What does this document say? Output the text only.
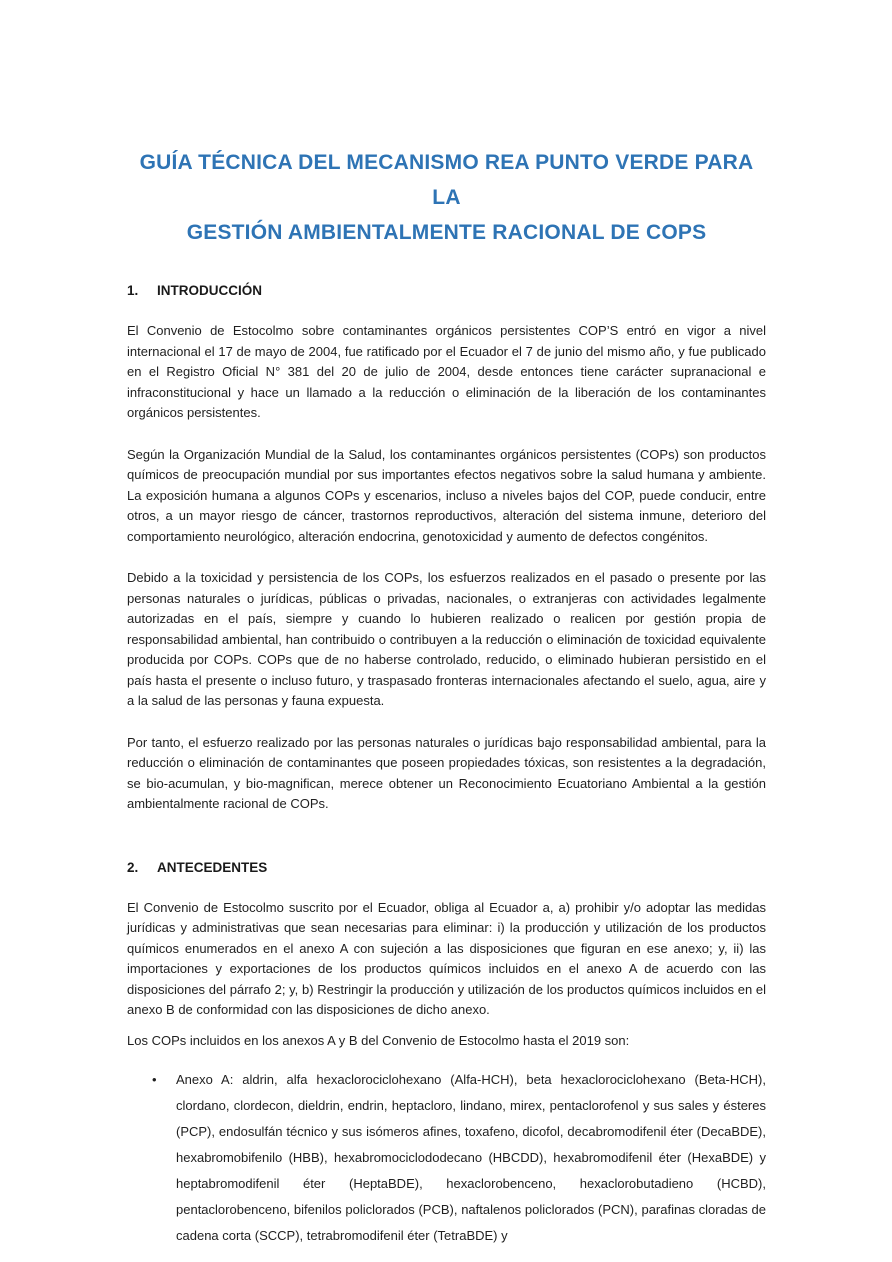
GUÍA TÉCNICA DEL MECANISMO REA PUNTO VERDE PARA LA
GESTIÓN AMBIENTALMENTE RACIONAL DE COPS
1.	INTRODUCCIÓN

El Convenio de Estocolmo sobre contaminantes orgánicos persistentes COP’S entró en vigor a nivel internacional el 17 de mayo de 2004, fue ratificado por el Ecuador el 7 de junio del mismo año, y fue publicado en el Registro Oficial N° 381 del 20 de julio de 2004, desde entonces tiene carácter supranacional e infraconstitucional y hace un llamado a la reducción o eliminación de la liberación de los contaminantes orgánicos persistentes.

Según la Organización Mundial de la Salud, los contaminantes orgánicos persistentes (COPs) son productos químicos de preocupación mundial por sus importantes efectos negativos sobre la salud humana y ambiente. La exposición humana a algunos COPs y escenarios, incluso a niveles bajos del COP, puede conducir, entre otros, a un mayor riesgo de cáncer, trastornos reproductivos, alteración del sistema inmune, deterioro del comportamiento neurológico, alteración endocrina, genotoxicidad y aumento de defectos congénitos.

Debido a la toxicidad y persistencia de los COPs, los esfuerzos realizados en el pasado o presente por las personas naturales o jurídicas, públicas o privadas, nacionales, o extranjeras con actividades legalmente autorizadas en el país, siempre y cuando lo hubieren realizado o realicen por gestión propia de responsabilidad ambiental, han contribuido o contribuyen a la reducción o eliminación de toxicidad equivalente producida por COPs. COPs que de no haberse controlado, reducido, o eliminado hubieran persistido en el país hasta el presente o incluso futuro, y traspasado fronteras internacionales afectando el suelo, agua, aire y a la salud de las personas y fauna expuesta.

Por tanto, el esfuerzo realizado por las personas naturales o jurídicas bajo responsabilidad ambiental, para la reducción o eliminación de contaminantes que poseen propiedades tóxicas, son resistentes a la degradación, se bio-acumulan, y bio-magnifican, merece obtener un Reconocimiento Ecuatoriano Ambiental a la gestión ambientalmente racional de COPs.

2.	ANTECEDENTES

El Convenio de Estocolmo suscrito por el Ecuador, obliga al Ecuador a, a) prohibir y/o adoptar las medidas jurídicas y administrativas que sean necesarias para eliminar: i) la producción y utilización de los productos químicos enumerados en el anexo A con sujeción a las disposiciones que figuran en ese anexo; y, ii) las importaciones y exportaciones de los productos químicos incluidos en el anexo A de acuerdo con las disposiciones del párrafo 2; y, b) Restringir la producción y utilización de los productos químicos incluidos en el anexo B de conformidad con las disposiciones de dicho anexo.

Los COPs incluidos en los anexos A y B del Convenio de Estocolmo hasta el 2019 son:

•	Anexo A: aldrin, alfa hexaclorociclohexano (Alfa-HCH), beta hexaclorociclohexano (Beta-HCH), clordano, clordecon, dieldrin, endrin, heptacloro, lindano, mirex, pentaclorofenol y sus sales y ésteres (PCP), endosulfán técnico y sus isómeros afines, toxafeno, dicofol, decabromodifenil éter (DecaBDE), hexabromobifenilo (HBB), hexabromociclododecano (HBCDD), hexabromodifenil éter (HexaBDE) y heptabromodifenil éter (HeptaBDE), hexaclorobenceno, hexaclorobutadieno (HCBD), pentaclorobenceno, bifenilos policlorados (PCB), naftalenos policlorados (PCN), parafinas cloradas de cadena corta (SCCP), tetrabromodifenil éter (TetraBDE) y
